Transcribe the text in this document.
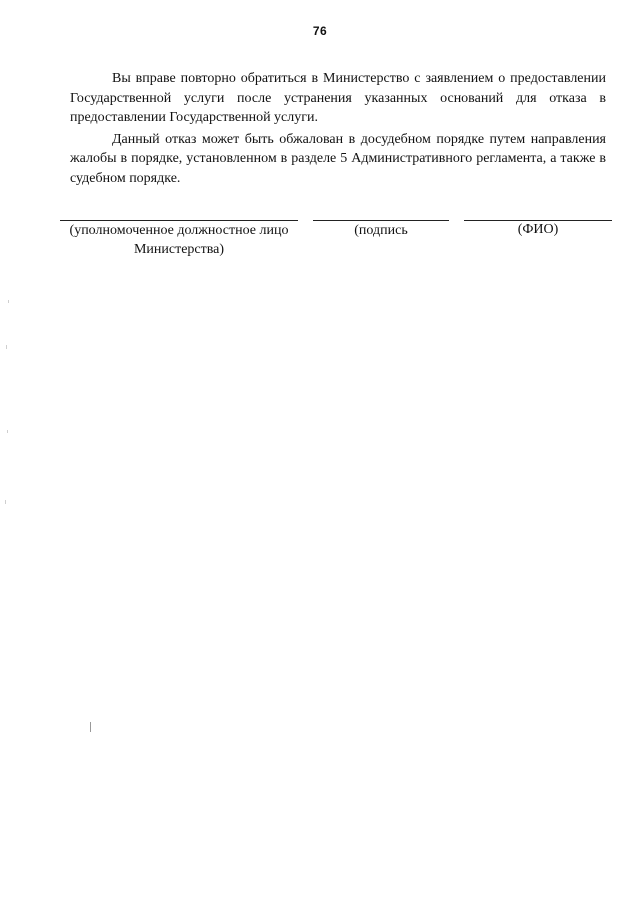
76

Вы вправе повторно обратиться в Министерство с заявлением о предоставлении Государственной услуги после устранения указанных оснований для отказа в предоставлении Государственной услуги.

Данный отказ может быть обжалован в досудебном порядке путем направления жалобы в порядке, установленном в разделе 5 Административного регламента, а также в судебном порядке.

(уполномоченное должностное лицо
Министерства)
(подпись	(ФИО)
